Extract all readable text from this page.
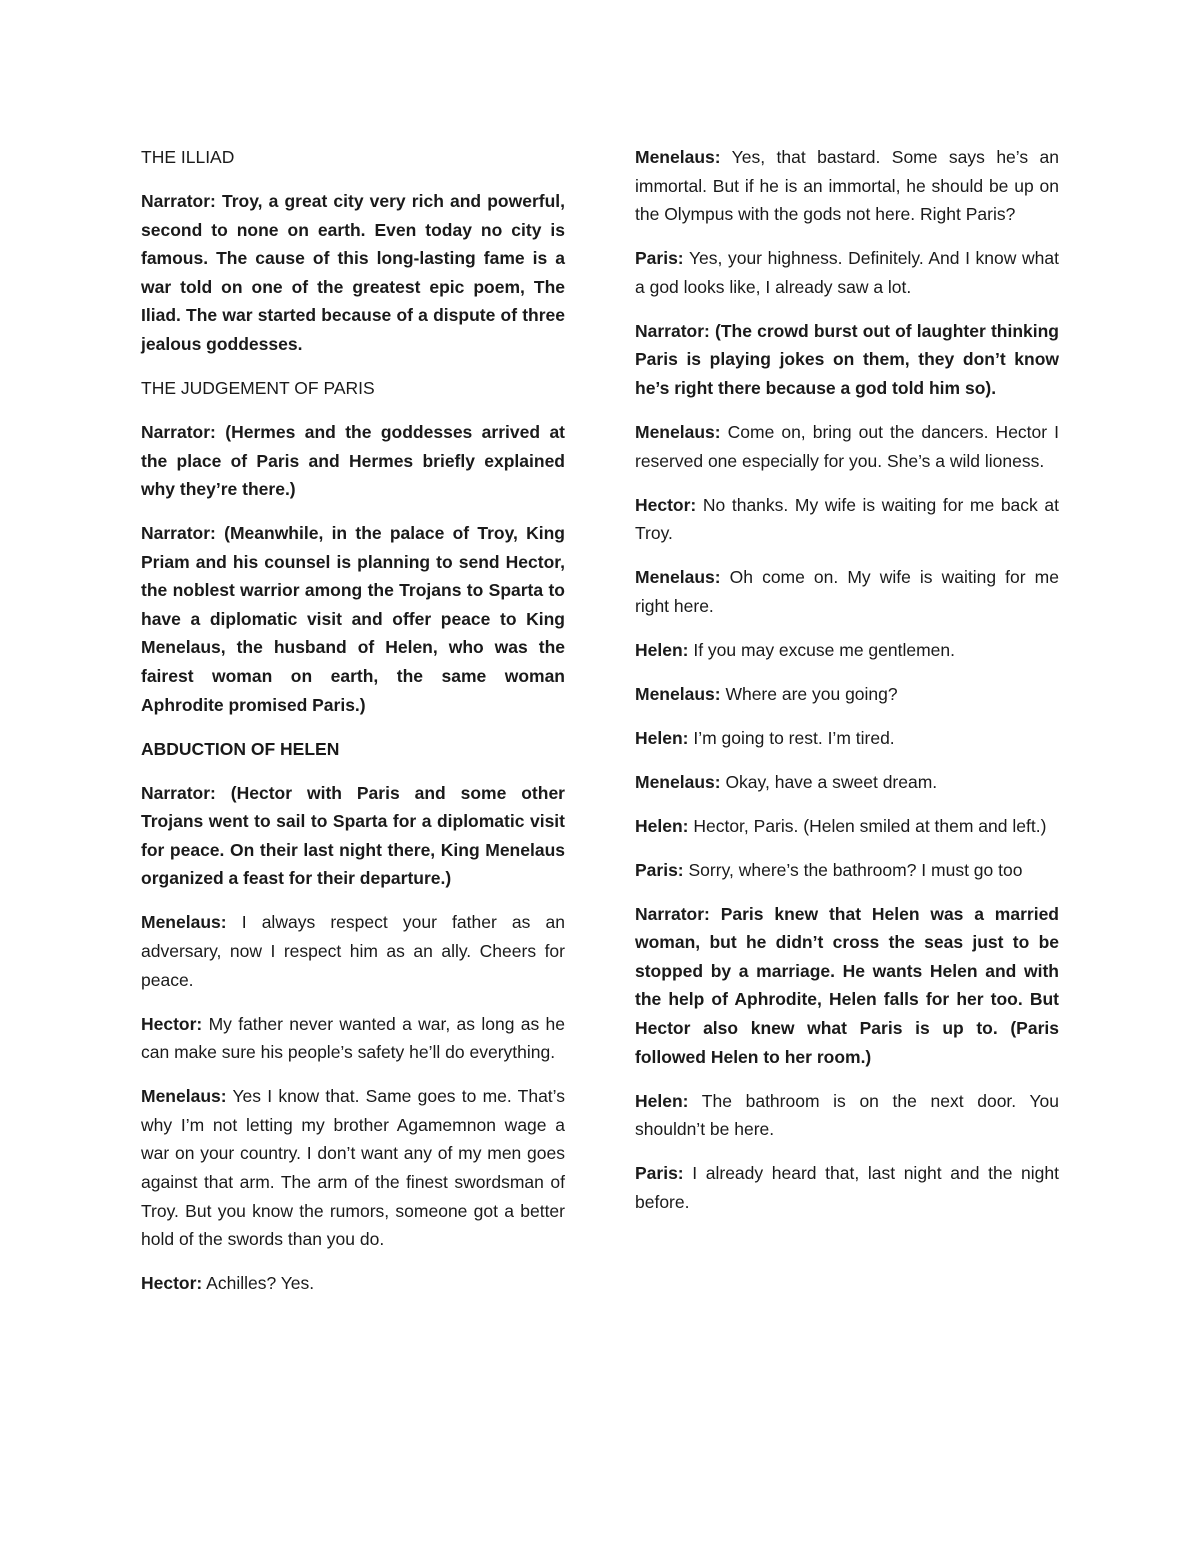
THE ILLIAD

Narrator: Troy, a great city very rich and powerful, second to none on earth. Even today no city is famous. The cause of this long-lasting fame is a war told on one of the greatest epic poem, The Iliad. The war started because of a dispute of three jealous goddesses.

THE JUDGEMENT OF PARIS

Narrator: (Hermes and the goddesses arrived at the place of Paris and Hermes briefly explained why they’re there.)

Narrator: (Meanwhile, in the palace of Troy, King Priam and his counsel is planning to send Hector, the noblest warrior among the Trojans to Sparta to have a diplomatic visit and offer peace to King Menelaus, the husband of Helen, who was the fairest woman on earth, the same woman Aphrodite promised Paris.)

ABDUCTION OF HELEN

Narrator: (Hector with Paris and some other Trojans went to sail to Sparta for a diplomatic visit for peace. On their last night there, King Menelaus organized a feast for their departure.)

Menelaus: I always respect your father as an adversary, now I respect him as an ally. Cheers for peace.

Hector: My father never wanted a war, as long as he can make sure his people’s safety he’ll do everything.

Menelaus: Yes I know that. Same goes to me. That’s why I’m not letting my brother Agamemnon wage a war on your country. I don’t want any of my men goes against that arm. The arm of the finest swordsman of Troy. But you know the rumors, someone got a better hold of the swords than you do.

Hector: Achilles? Yes.

Menelaus: Yes, that bastard. Some says he’s an immortal. But if he is an immortal, he should be up on the Olympus with the gods not here. Right Paris?

Paris: Yes, your highness. Definitely. And I know what a god looks like, I already saw a lot.

Narrator: (The crowd burst out of laughter thinking Paris is playing jokes on them, they don’t know he’s right there because a god told him so).

Menelaus: Come on, bring out the dancers. Hector I reserved one especially for you. She’s a wild lioness.

Hector: No thanks. My wife is waiting for me back at Troy.

Menelaus: Oh come on. My wife is waiting for me right here.

Helen: If you may excuse me gentlemen.

Menelaus: Where are you going?

Helen: I’m going to rest. I’m tired.

Menelaus: Okay, have a sweet dream.

Helen: Hector, Paris. (Helen smiled at them and left.)

Paris: Sorry, where’s the bathroom? I must go too

Narrator: Paris knew that Helen was a married woman, but he didn’t cross the seas just to be stopped by a marriage. He wants Helen and with the help of Aphrodite, Helen falls for her too. But Hector also knew what Paris is up to. (Paris followed Helen to her room.)

Helen: The bathroom is on the next door. You shouldn’t be here.

Paris: I already heard that, last night and the night before.
